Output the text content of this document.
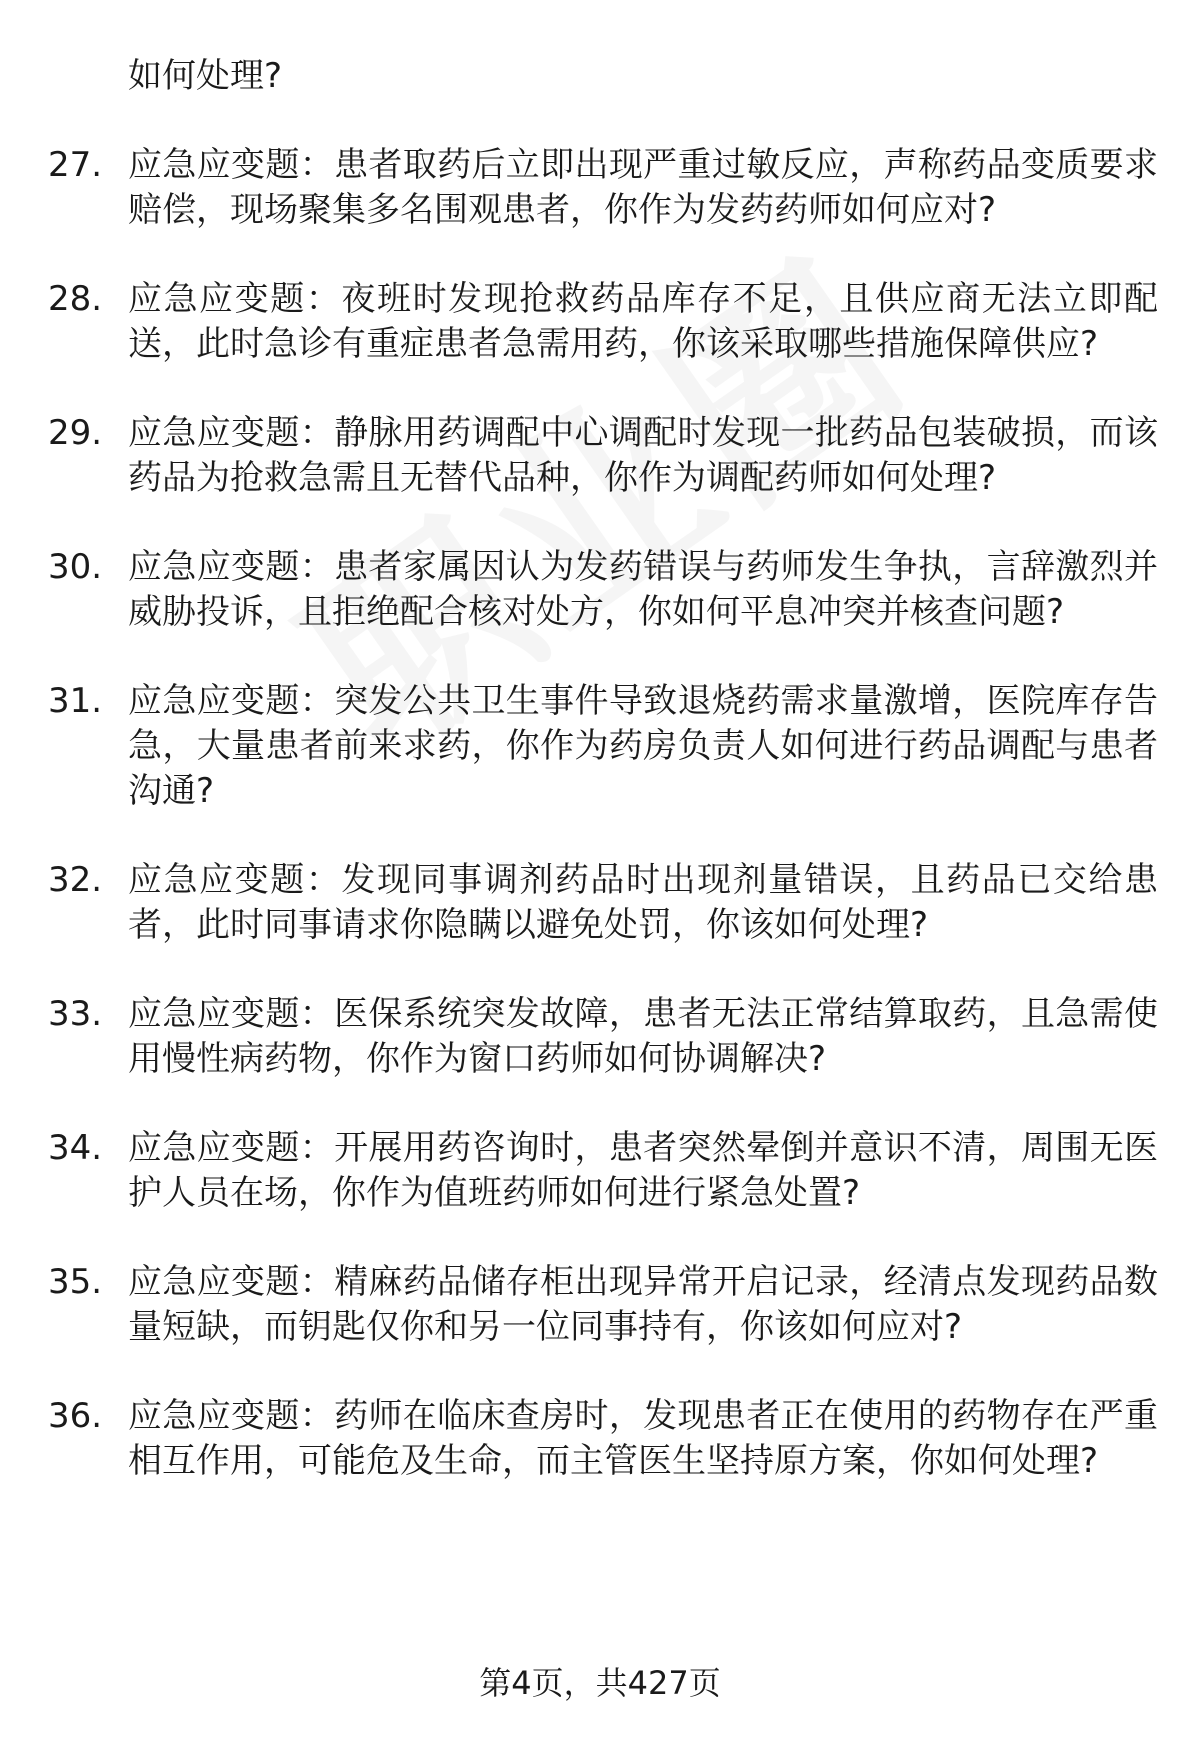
如何处理?
27. 应急应变题：患者取药后立即出现严重过敏反应，声称药品变质要求赔偿，现场聚集多名围观患者，你作为发药药师如何应对?
28. 应急应变题：夜班时发现抢救药品库存不足，且供应商无法立即配送，此时急诊有重症患者急需用药，你该采取哪些措施保障供应?
29. 应急应变题：静脉用药调配中心调配时发现一批药品包装破损，而该药品为抢救急需且无替代品种，你作为调配药师如何处理?
30. 应急应变题：患者家属因认为发药错误与药师发生争执，言辞激烈并威胁投诉，且拒绝配合核对处方，你如何平息冲突并核查问题?
31. 应急应变题：突发公共卫生事件导致退烧药需求量激增，医院库存告急，大量患者前来求药，你作为药房负责人如何进行药品调配与患者沟通?
32. 应急应变题：发现同事调剂药品时出现剂量错误，且药品已交给患者，此时同事请求你隐瞒以避免处罚，你该如何处理?
33. 应急应变题：医保系统突发故障，患者无法正常结算取药，且急需使用慢性病药物，你作为窗口药师如何协调解决?
34. 应急应变题：开展用药咨询时，患者突然晕倒并意识不清，周围无医护人员在场，你作为值班药师如何进行紧急处置?
35. 应急应变题：精麻药品储存柜出现异常开启记录，经清点发现药品数量短缺，而钥匙仅你和另一位同事持有，你该如何应对?
36. 应急应变题：药师在临床查房时，发现患者正在使用的药物存在严重相互作用，可能危及生命，而主管医生坚持原方案，你如何处理?
第4页，共427页
